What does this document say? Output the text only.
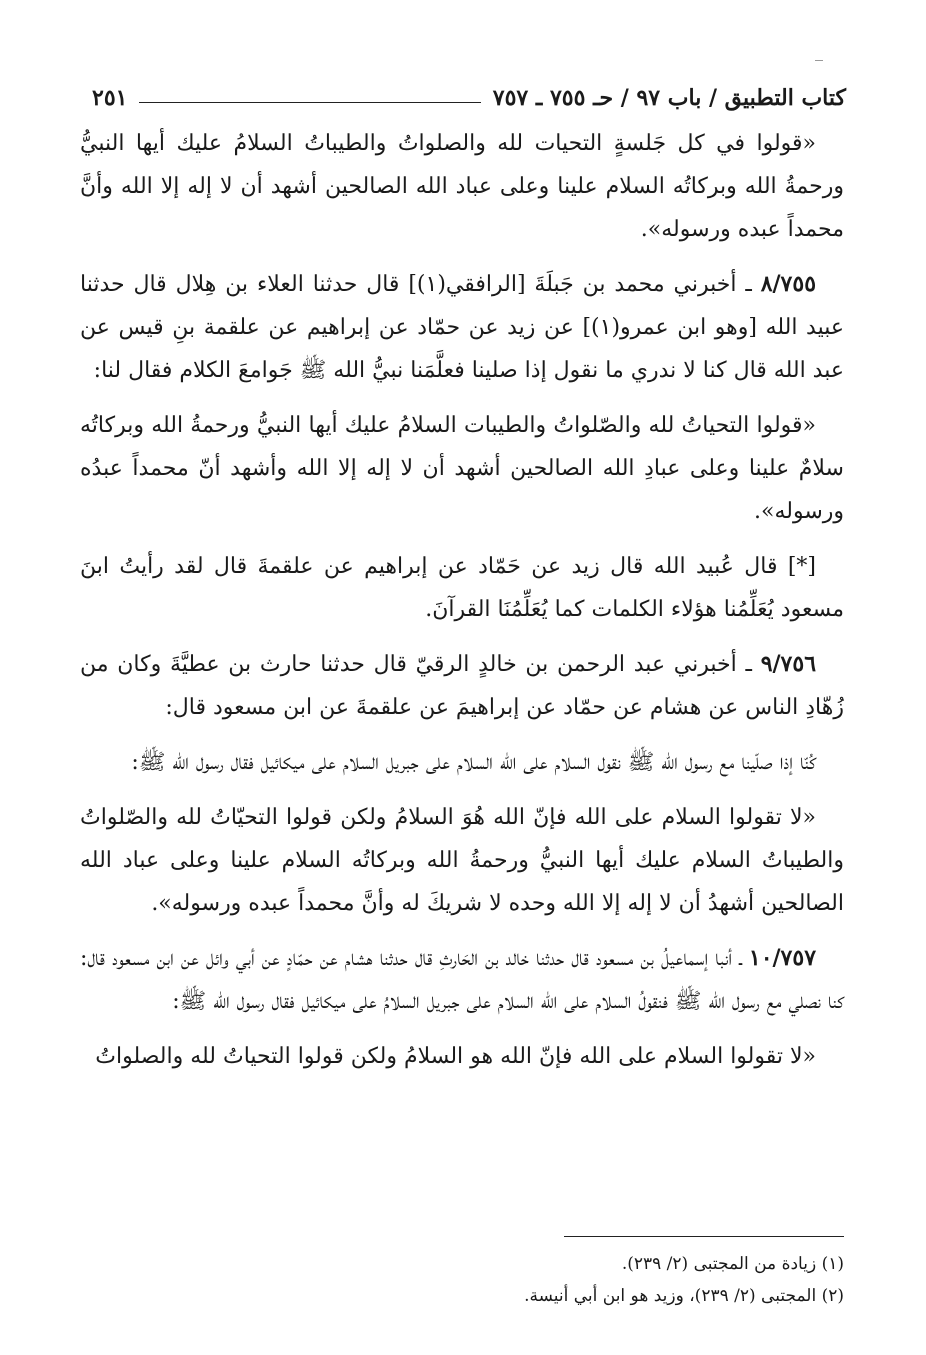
كتاب التطبيق / باب ٩٧ / حـ ٧٥٥ ـ ٧٥٧
٢٥١

«قولوا في كل جَلسةٍ التحيات لله والصلواتُ والطيباتُ السلامُ عليك أيها النبيُّ ورحمةُ الله وبركاتُه السلام علينا وعلى عباد الله الصالحين أشهد أن لا إله إلا الله وأنَّ محمداً عبده ورسوله».

٨/٧٥٥ ـ أخبرني محمد بن جَبلَةَ [الرافقي(١)] قال حدثنا العلاء بن هِلال قال حدثنا عبيد الله [وهو ابن عمرو(١)] عن زيد عن حمّاد عن إبراهيم عن علقمة بنِ قيس عن عبد الله قال كنا لا ندري ما نقول إذا صلينا فعلَّمَنا نبيُّ الله ﷺ جَوامعَ الكلام فقال لنا:

«قولوا التحياتُ لله والصّلواتُ والطيبات السلامُ عليك أيها النبيُّ ورحمةُ الله وبركاتُه سلامٌ علينا وعلى عبادِ الله الصالحين أشهد أن لا إله إلا الله وأشهد أنّ محمداً عبدُه ورسوله».

[*] قال عُبيد الله قال زيد عن حَمّاد عن إبراهيم عن علقمةَ قال لقد رأيتُ ابنَ مسعود يُعَلِّمُنا هؤلاء الكلمات كما يُعَلِّمُنَا القرآنَ.

٩/٧٥٦ ـ أخبرني عبد الرحمن بن خالدٍ الرقيّ قال حدثنا حارث بن عطيَّةَ وكان من زُهّادِ الناس عن هشام عن حمّاد عن إبراهيمَ عن علقمةَ عن ابن مسعود قال:

كُنّا إذا صلّينا مع رسول الله ﷺ نقول السلام على الله السلام على جبريل السلام على ميكائيل فقال رسول الله ﷺ:

«لا تقولوا السلام على الله فإنّ الله هُوَ السلامُ ولكن قولوا التحيّاتُ لله والصّلواتُ والطيباتُ السلام عليك أيها النبيُّ ورحمةُ الله وبركاتُه السلام علينا وعلى عباد الله الصالحين أشهدُ أن لا إله إلا الله وحده لا شريكَ له وأنَّ محمداً عبده ورسوله».

١٠/٧٥٧ ـ أنبا إسماعيلُ بن مسعود قال حدثنا خالد بن الحَارثِ قال حدثنا هشام عن حمّادٍ عن أبي وائل عن ابن مسعود قال: كنا نصلي مع رسول الله ﷺ فنقولُ السلام على الله السلام على جبريل السلامُ على ميكائيل فقال رسول الله ﷺ:

«لا تقولوا السلام على الله فإنّ الله هو السلامُ ولكن قولوا التحياتُ لله والصلواتُ

(١) زيادة من المجتبى (٢/ ٢٣٩).

(٢) المجتبى (٢/ ٢٣٩)، وزيد هو ابن أبي أنيسة.
